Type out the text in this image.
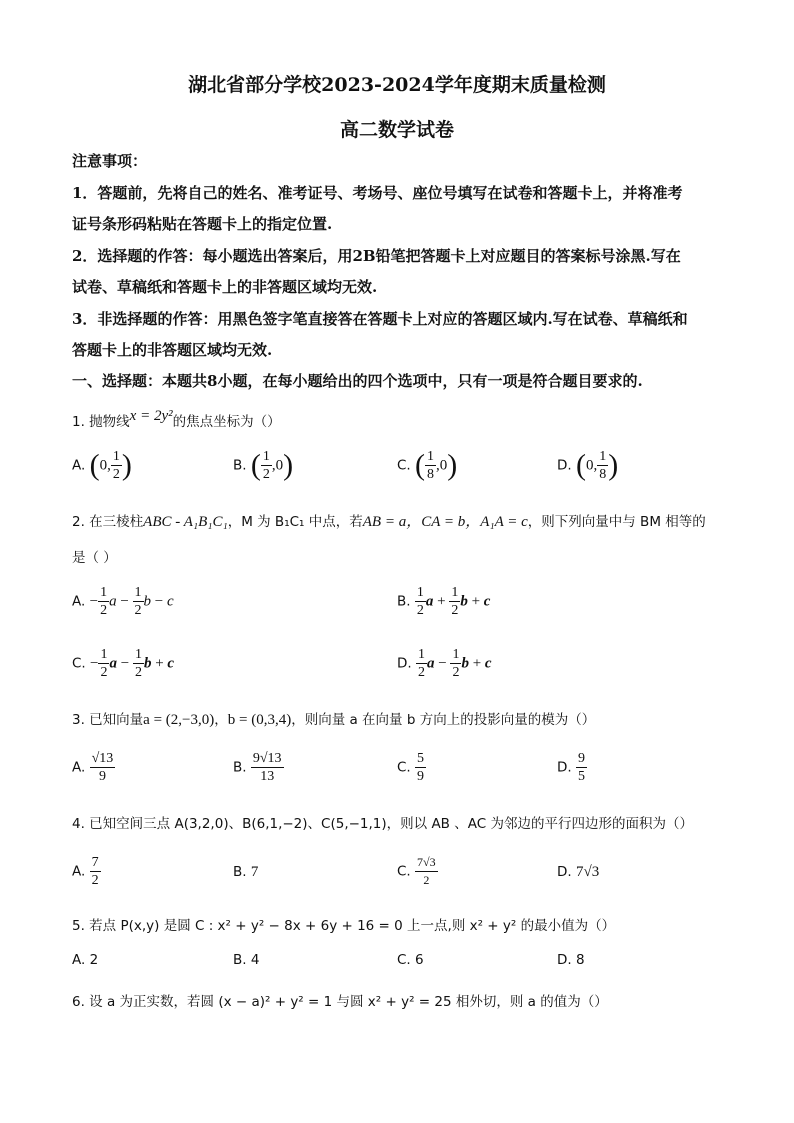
湖北省部分学校2023-2024学年度期末质量检测
高二数学试卷
注意事项：
1．答题前，先将自己的姓名、准考证号、考场号、座位号填写在试卷和答题卡上，并将准考
证号条形码粘贴在答题卡上的指定位置.
2．选择题的作答：每小题选出答案后，用2B铅笔把答题卡上对应题目的答案标号涂黑.写在
试卷、草稿纸和答题卡上的非答题区域均无效.
3．非选择题的作答：用黑色签字笔直接答在答题卡上对应的答题区域内.写在试卷、草稿纸和
答题卡上的非答题区域均无效.
一、选择题：本题共8小题，在每小题给出的四个选项中，只有一项是符合题目要求的.
1. 抛物线x = 2y²的焦点坐标为（）
A. (0, $\frac{1}{2}$ )	B. ( $\frac{1}{2} ,0$)	C. ( $\frac{1}{8} ,0$)	D. (0, $\frac{1}{8}$ )
2. 在三棱柱ABC - A₁B₁C₁，M 为 B₁C₁ 中点，若AB = a，CA = b，A₁A = c，则下列向量中与 BM 相等的
是（ ）
A. − $\frac{1}{2}$ $a - \frac{1}{2}$ b − c	B. $\frac{1}{2}$ $a + \frac{1}{2}$ b + c
C. − $\frac{1}{2}$ $a - \frac{1}{2}$ b + c	D. $\frac{1}{2}$ $a - \frac{1}{2}$ b + c
3. 已知向量a = (2,−3,0)，b = (0,3,4)，则向量 a 在向量 b 方向上的投影向量的模为（）
A. $\frac{√13}{9}$	B. $\frac{9√13}{13}$	C. $\frac{5}{9}$	D. $\frac{9}{5}$
4. 已知空间三点 A(3,2,0)、B(6,1,−2)、C(5,−1,1)，则以 AB 、AC 为邻边的平行四边形的面积为（）
A. $\frac{7}{2}$	B. 7	C. $\frac{7√3}{2}$	D. 7√3
5. 若点 P(x,y) 是圆 C : x² + y² − 8x + 6y + 16 = 0 上一点,则 x² + y² 的最小值为（）
A. 2	B. 4	C. 6	D. 8
6. 设 a 为正实数，若圆 (x − a)² + y² = 1 与圆 x² + y² = 25 相外切，则 a 的值为（）
